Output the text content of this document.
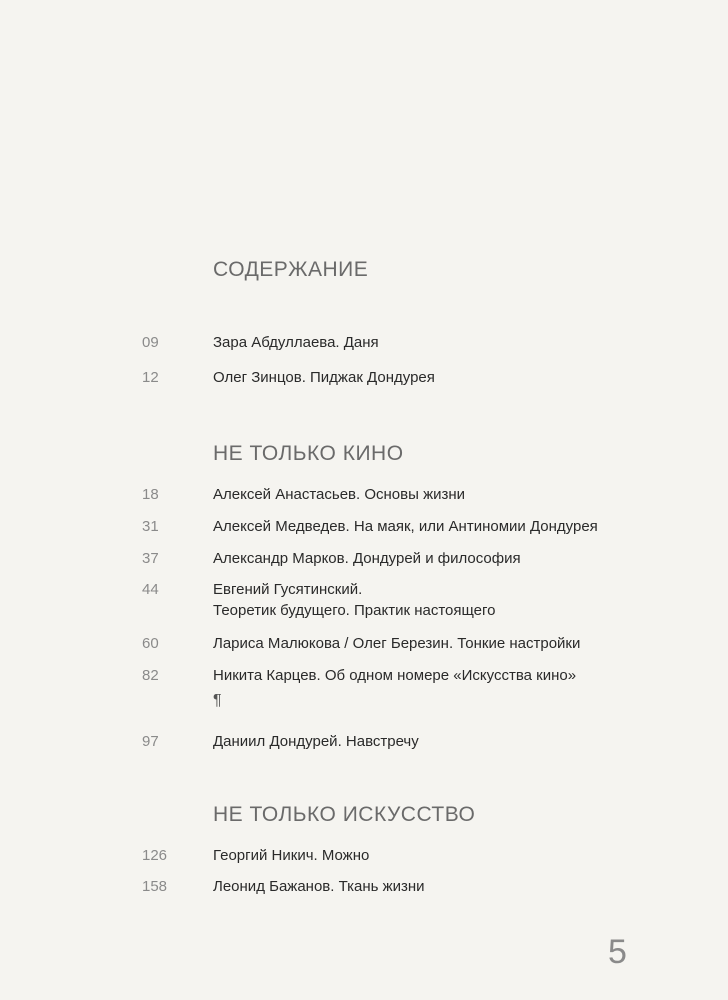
СОДЕРЖАНИЕ
09	Зара Абдуллаева. Даня
12	Олег Зинцов. Пиджак Дондурея
НЕ ТОЛЬКО КИНО
18	Алексей Анастасьев. Основы жизни
31	Алексей Медведев. На маяк, или Антиномии Дондурея
37	Александр Марков. Дондурей и философия
44	Евгений Гусятинский.
Теоретик будущего. Практик настоящего
60	Лариса Малюкова / Олег Березин. Тонкие настройки
82	Никита Карцев. Об одном номере «Искусства кино»
¶
97	Даниил Дондурей. Навстречу
НЕ ТОЛЬКО ИСКУССТВО
126	Георгий Никич. Можно
158	Леонид Бажанов. Ткань жизни
5
